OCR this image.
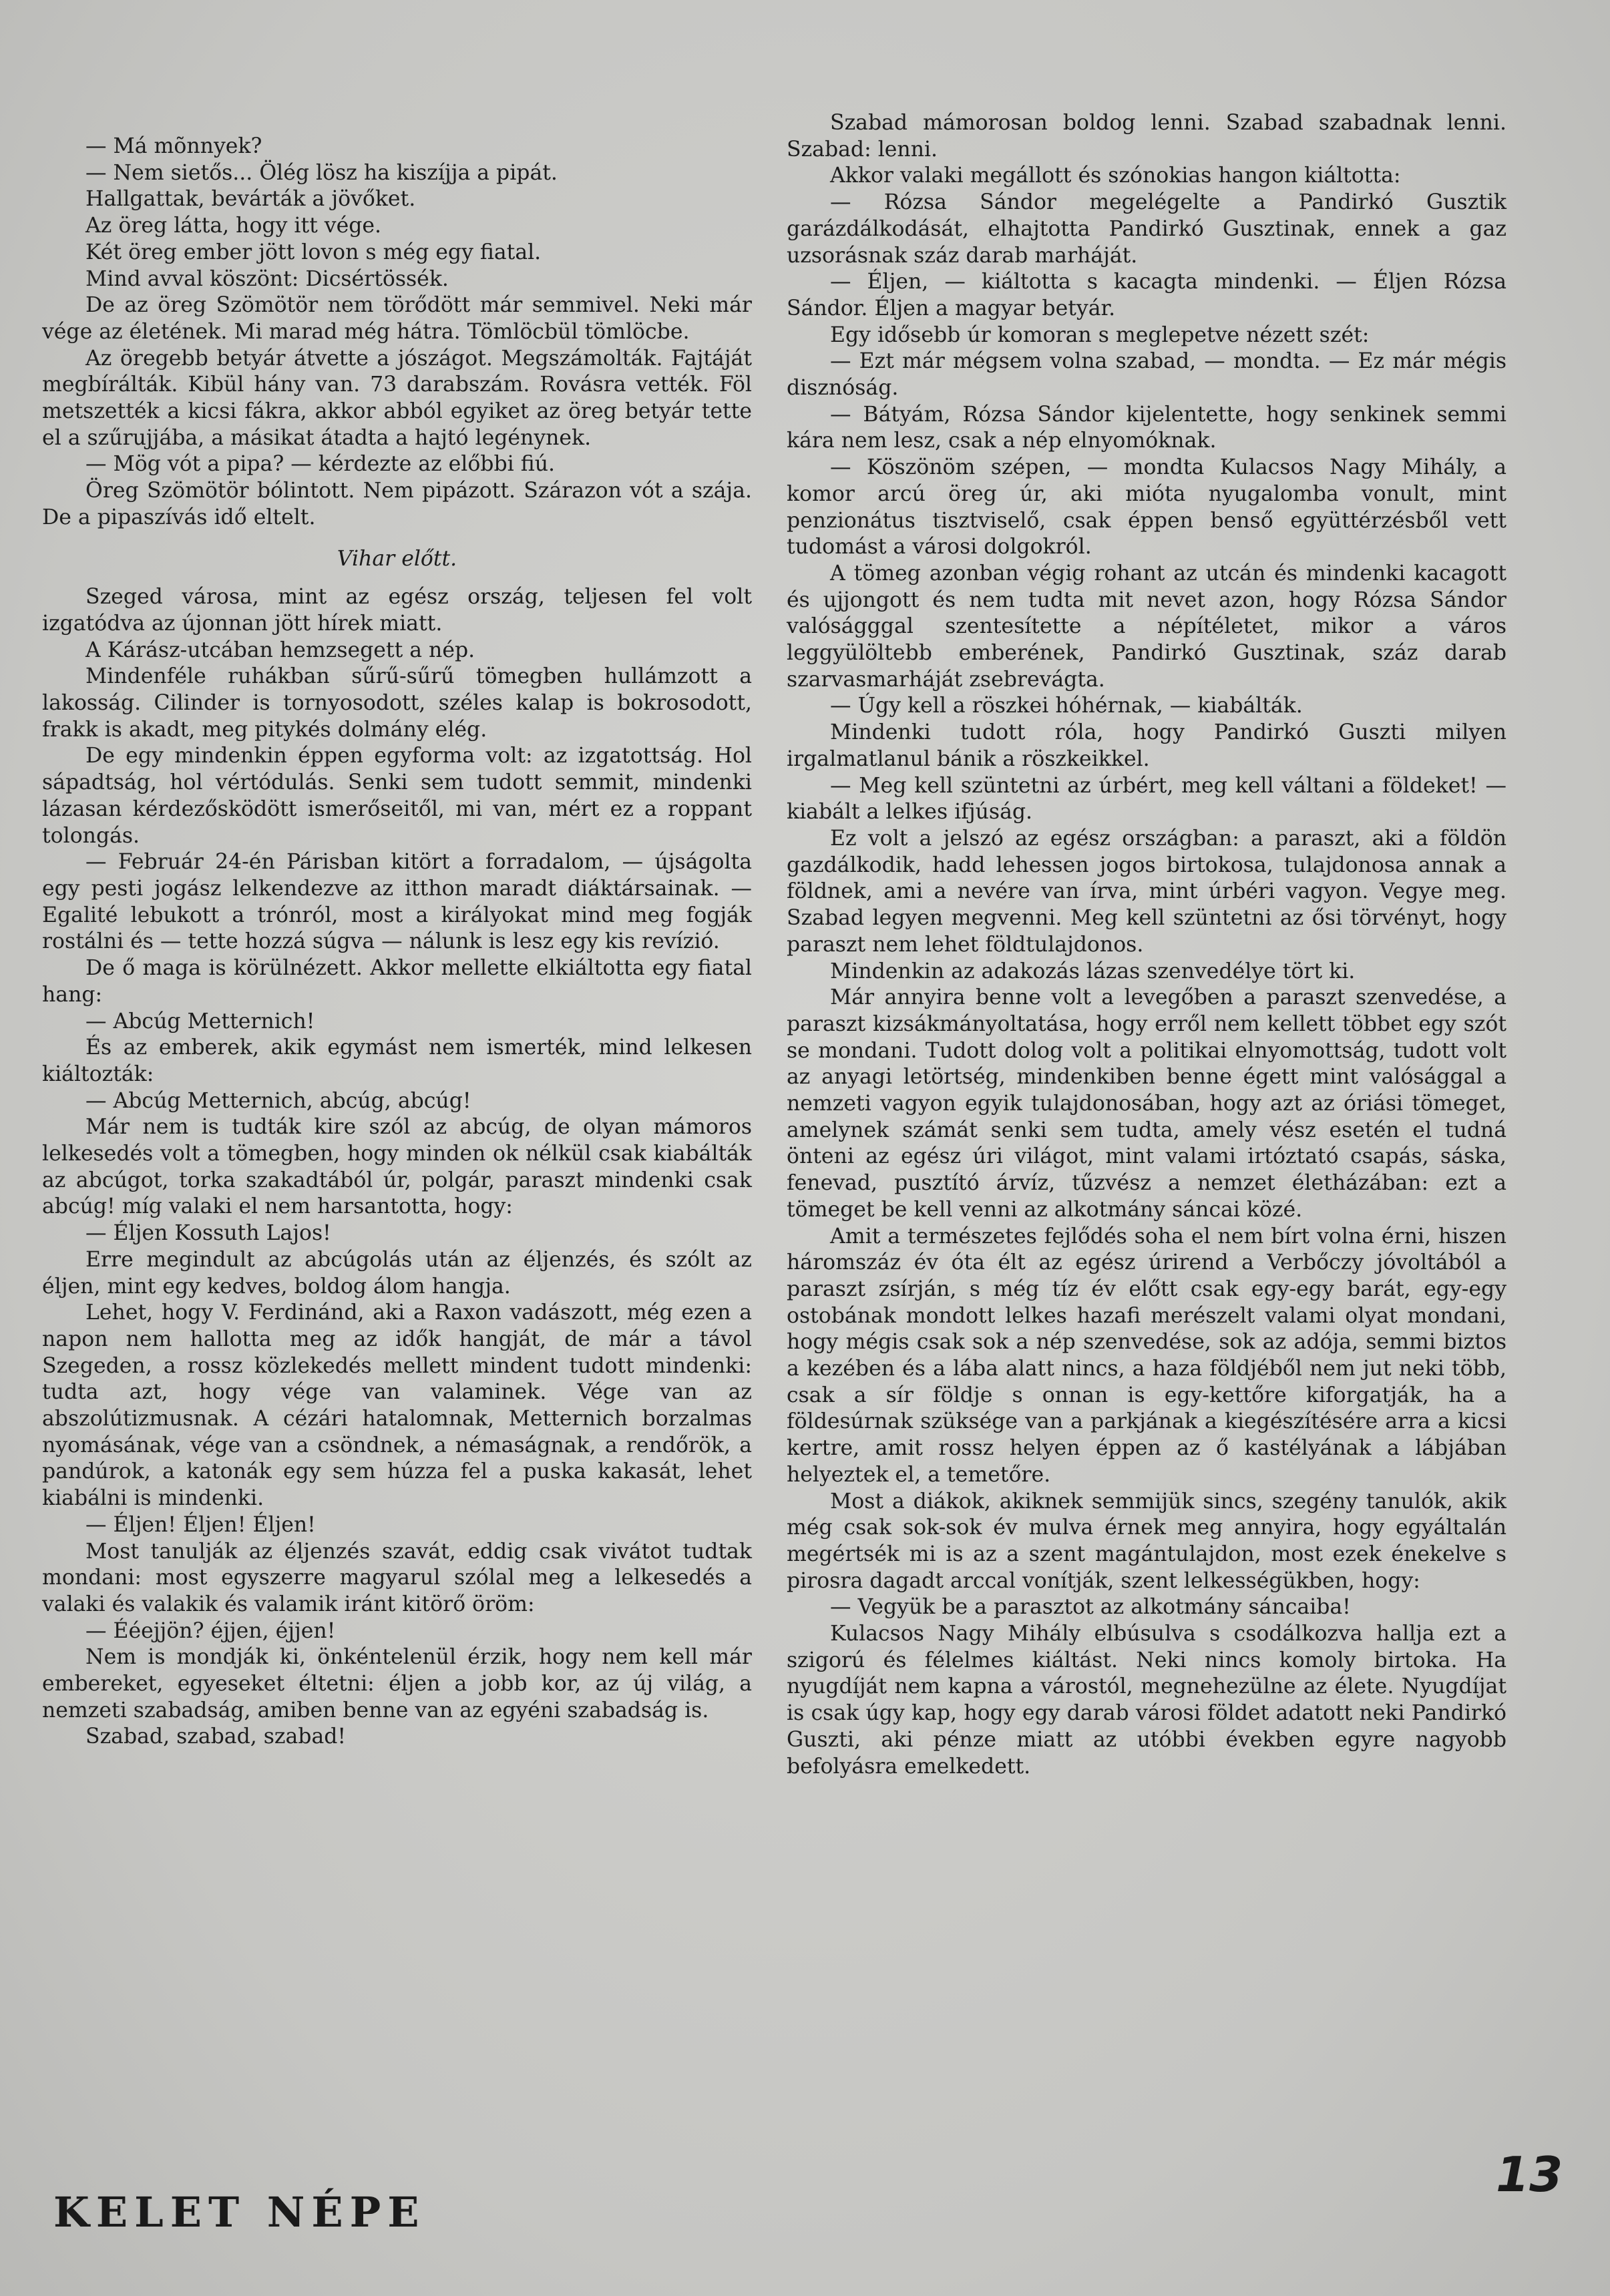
— Má mõnnyek?

— Nem sietős... Ölég lösz ha kiszíjja a pipát.

Hallgattak, bevárták a jövőket.

Az öreg látta, hogy itt vége.

Két öreg ember jött lovon s még egy fiatal.

Mind avval köszönt: Dicsértössék.

De az öreg Szömötör nem törődött már semmivel. Neki már vége az életének. Mi marad még hátra. Tömlöcbül tömlöcbe.

Az öregebb betyár átvette a jószágot. Megszámolták. Fajtáját megbírálták. Kibül hány van. 73 darabszám. Rovásra vették. Föl metszették a kicsi fákra, akkor abból egyiket az öreg betyár tette el a szűrujjába, a másikat átadta a hajtó legénynek.

— Mög vót a pipa? — kérdezte az előbbi fiú.

Öreg Szömötör bólintott. Nem pipázott. Szárazon vót a szája. De a pipaszívás idő eltelt.

Vihar előtt.

Szeged városa, mint az egész ország, teljesen fel volt izgatódva az újonnan jött hírek miatt.

A Kárász-utcában hemzsegett a nép.

Mindenféle ruhákban sűrű-sűrű tömegben hullámzott a lakosság. Cilinder is tornyosodott, széles kalap is bokrosodott, frakk is akadt, meg pitykés dolmány elég.

De egy mindenkin éppen egyforma volt: az izgatottság. Hol sápadtság, hol vértódulás. Senki sem tudott semmit, mindenki lázasan kérdezősködött ismerőseitől, mi van, mért ez a roppant tolongás.

— Február 24-én Párisban kitört a forradalom, — újságolta egy pesti jogász lelkendezve az itthon maradt diáktársainak. — Egalité lebukott a trónról, most a királyokat mind meg fogják rostálni és — tette hozzá súgva — nálunk is lesz egy kis revízió.

De ő maga is körülnézett. Akkor mellette elkiáltotta egy fiatal hang:

— Abcúg Metternich!

És az emberek, akik egymást nem ismerték, mind lelkesen kiáltozták:

— Abcúg Metternich, abcúg, abcúg!

Már nem is tudták kire szól az abcúg, de olyan mámoros lelkesedés volt a tömegben, hogy minden ok nélkül csak kiabálták az abcúgot, torka szakadtából úr, polgár, paraszt mindenki csak abcúg! míg valaki el nem harsantotta, hogy:

— Éljen Kossuth Lajos!

Erre megindult az abcúgolás után az éljenzés, és szólt az éljen, mint egy kedves, boldog álom hangja.

Lehet, hogy V. Ferdinánd, aki a Raxon vadászott, még ezen a napon nem hallotta meg az idők hangját, de már a távol Szegeden, a rossz közlekedés mellett mindent tudott mindenki: tudta azt, hogy vége van valaminek. Vége van az abszolútizmusnak. A cézári hatalomnak, Metternich borzalmas nyomásának, vége van a csöndnek, a némaságnak, a rendőrök, a pandúrok, a katonák egy sem húzza fel a puska kakasát, lehet kiabálni is mindenki.

— Éljen! Éljen! Éljen!

Most tanulják az éljenzés szavát, eddig csak vivátot tudtak mondani: most egyszerre magyarul szólal meg a lelkesedés a valaki és valakik és valamik iránt kitörő öröm:

— Ééejjön? éjjen, éjjen!

Nem is mondják ki, önkéntelenül érzik, hogy nem kell már embereket, egyeseket éltetni: éljen a jobb kor, az új világ, a nemzeti szabadság, amiben benne van az egyéni szabadság is.

Szabad, szabad, szabad!

Szabad mámorosan boldog lenni. Szabad szabadnak lenni. Szabad: lenni.

Akkor valaki megállott és szónokias hangon kiáltotta:

— Rózsa Sándor megelégelte a Pandirkó Gusztik garázdálkodását, elhajtotta Pandirkó Gusztinak, ennek a gaz uzsorásnak száz darab marháját.

— Éljen, — kiáltotta s kacagta mindenki. — Éljen Rózsa Sándor. Éljen a magyar betyár.

Egy idősebb úr komoran s meglepetve nézett szét:

— Ezt már mégsem volna szabad, — mondta. — Ez már mégis disznóság.

— Bátyám, Rózsa Sándor kijelentette, hogy senkinek semmi kára nem lesz, csak a nép elnyomóknak.

— Köszönöm szépen, — mondta Kulacsos Nagy Mihály, a komor arcú öreg úr, aki mióta nyugalomba vonult, mint penzionátus tisztviselő, csak éppen benső együttérzésből vett tudomást a városi dolgokról.

A tömeg azonban végig rohant az utcán és mindenki kacagott és ujjongott és nem tudta mit nevet azon, hogy Rózsa Sándor valóságggal szentesítette a népítéletet, mikor a város leggyülöltebb emberének, Pandirkó Gusztinak, száz darab szarvasmarháját zsebrevágta.

— Úgy kell a röszkei hóhérnak, — kiabálták.

Mindenki tudott róla, hogy Pandirkó Guszti milyen irgalmatlanul bánik a röszkeikkel.

— Meg kell szüntetni az úrbért, meg kell váltani a földeket! — kiabált a lelkes ifjúság.

Ez volt a jelszó az egész országban: a paraszt, aki a földön gazdálkodik, hadd lehessen jogos birtokosa, tulajdonosa annak a földnek, ami a nevére van írva, mint úrbéri vagyon. Vegye meg. Szabad legyen megvenni. Meg kell szüntetni az ősi törvényt, hogy paraszt nem lehet földtulajdonos.

Mindenkin az adakozás lázas szenvedélye tört ki.

Már annyira benne volt a levegőben a paraszt szenvedése, a paraszt kizsákmányoltatása, hogy erről nem kellett többet egy szót se mondani. Tudott dolog volt a politikai elnyomottság, tudott volt az anyagi letörtség, mindenkiben benne égett mint valósággal a nemzeti vagyon egyik tulajdonosában, hogy azt az óriási tömeget, amelynek számát senki sem tudta, amely vész esetén el tudná önteni az egész úri világot, mint valami irtóztató csapás, sáska, fenevad, pusztító árvíz, tűzvész a nemzet életházában: ezt a tömeget be kell venni az alkotmány sáncai közé.

Amit a természetes fejlődés soha el nem bírt volna érni, hiszen háromszáz év óta élt az egész úrirend a Verbőczy jóvoltából a paraszt zsírján, s még tíz év előtt csak egy-egy barát, egy-egy ostobának mondott lelkes hazafi merészelt valami olyat mondani, hogy mégis csak sok a nép szenvedése, sok az adója, semmi biztos a kezében és a lába alatt nincs, a haza földjéből nem jut neki több, csak a sír földje s onnan is egy-kettőre kiforgatják, ha a földesúrnak szüksége van a parkjának a kiegészítésére arra a kicsi kertre, amit rossz helyen éppen az ő kastélyának a lábjában helyeztek el, a temetőre.

Most a diákok, akiknek semmijük sincs, szegény tanulók, akik még csak sok-sok év mulva érnek meg annyira, hogy egyáltalán megértsék mi is az a szent magántulajdon, most ezek énekelve s pirosra dagadt arccal vonítják, szent lelkességükben, hogy:

— Vegyük be a parasztot az alkotmány sáncaiba!

Kulacsos Nagy Mihály elbúsulva s csodálkozva hallja ezt a szigorú és félelmes kiáltást. Neki nincs komoly birtoka. Ha nyugdíját nem kapna a várostól, megnehezülne az élete. Nyugdíjat is csak úgy kap, hogy egy darab városi földet adatott neki Pandirkó Guszti, aki pénze miatt az utóbbi években egyre nagyobb befolyásra emelkedett.

KELET NÉPE
13
